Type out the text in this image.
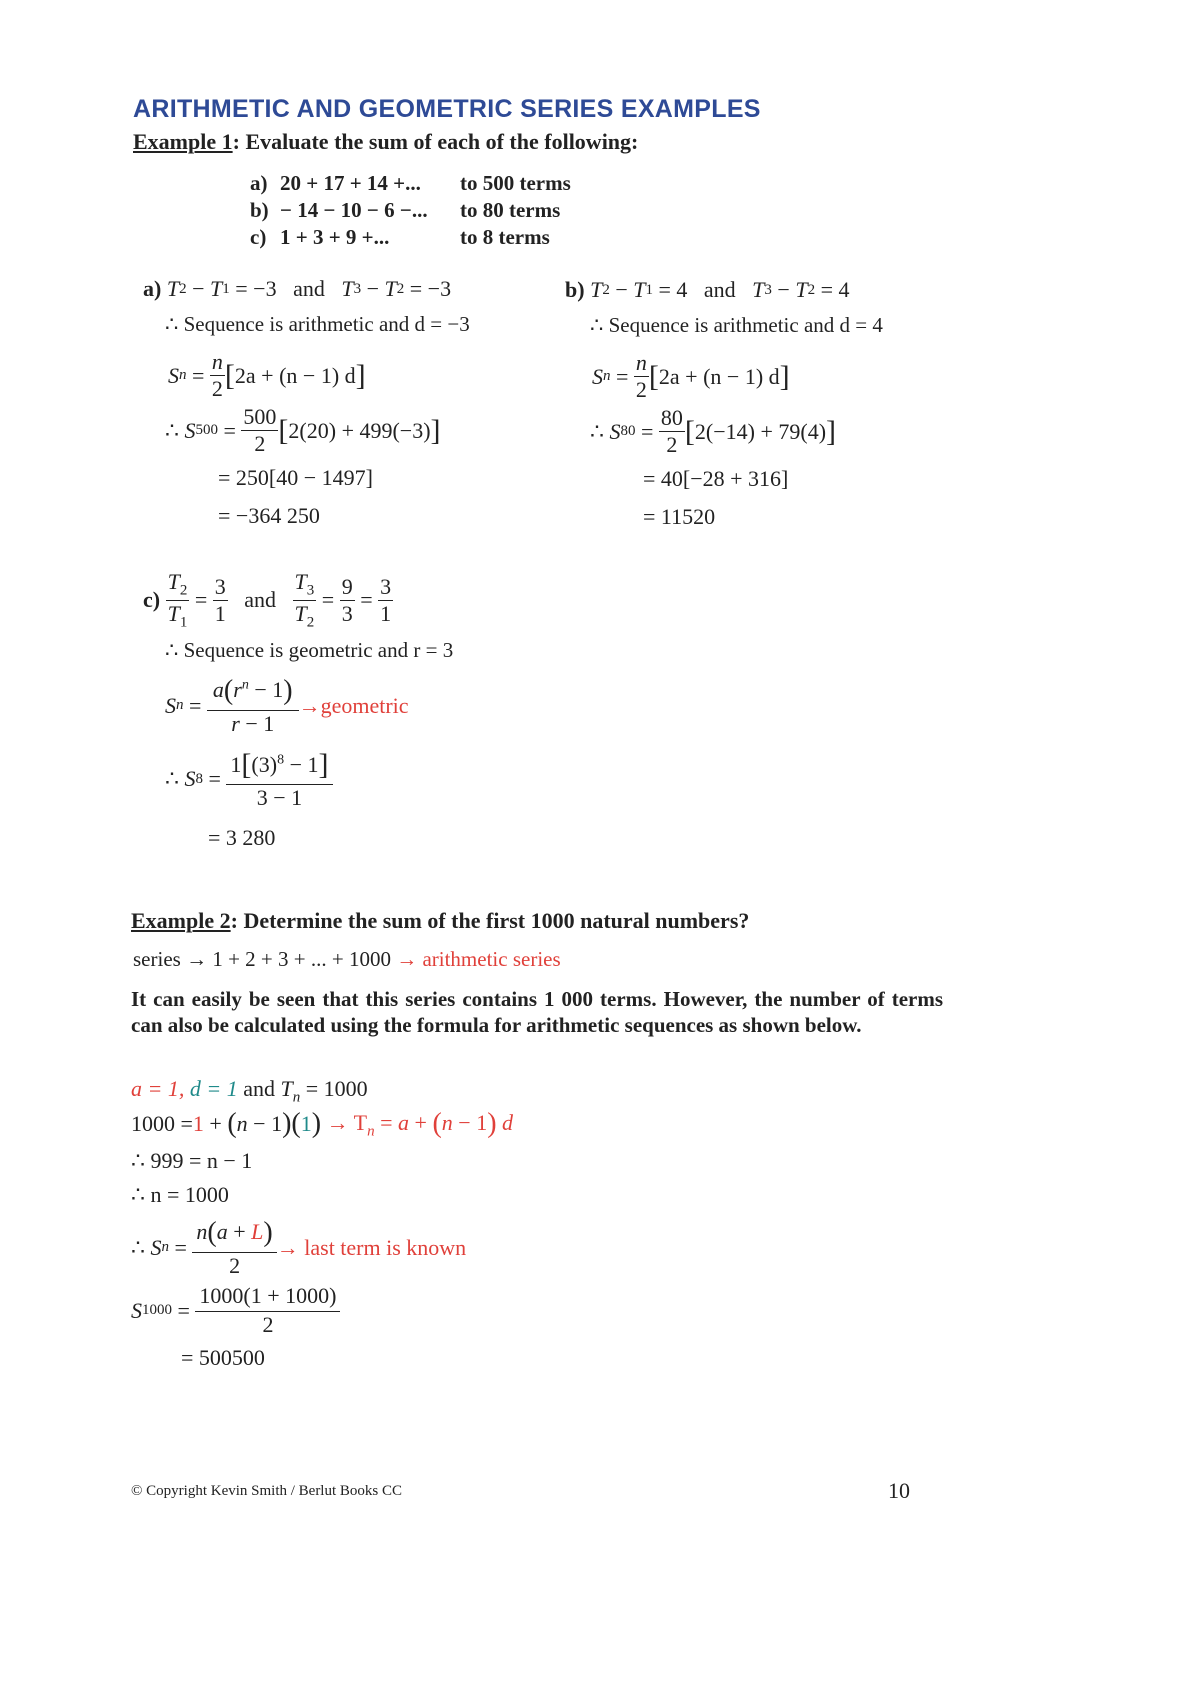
ARITHMETIC AND GEOMETRIC SERIES EXAMPLES
Example 1: Evaluate the sum of each of the following:
a) 20 + 17 + 14 +...	to 500 terms
b) − 14 − 10 − 6 −...	to 80 terms
c) 1 + 3 + 9 +...	to 8 terms
a)
T 2 − T 1
= −3
and
T 3 − T 2
= −3
∴ Sequence is arithmetic and d = −3
S $n = \frac{n}{2}$ [ 2a + (n − 1) d ]
∴ S $500 = \frac{500}{2}$ [ 2(20) + 499(−3) ]
= 250[40 − 1497]
= −364 250
b)
T 2 − T 1
= 4
and
T 3 − T 2
= 4
∴ Sequence is arithmetic and d = 4
S $n = \frac{n}{2}$ [ 2a + (n − 1) d ]
∴ S $80 = \frac{80}{2}$ [ 2(−14) + 79(4) ]
= 40[−28 + 316]
= 11520
c)
$\frac{T_2}{T_1} = \frac{3}{1}$
and
$\frac{T_3}{T_2} = \frac{9}{3} = \frac{3}{1}$
∴ Sequence is geometric and r = 3
S $n = \frac{a(r^n - 1)}{r - 1}$ →geometric
∴ S $8 = \frac{1[(3)^8 - 1]}{3 - 1}$
= 3 280
Example 2: Determine the sum of the first 1000 natural numbers?
series → 1 + 2 + 3 + ... + 1000 → arithmetic series
It can easily be seen that this series contains 1 000 terms. However, the number of terms can also be calculated using the formula for arithmetic sequences as shown below.
a = 1, d = 1 and $T_n = 1000$
1000 = 1 + ( n − 1 ) ( 1 )
→ $T_n = a + (n - 1)$ d
∴ 999 = n − 1
∴ n = 1000
∴ S $n = \frac{n(a + L)}{2}$ → last term is known
S $1000 = \frac{1000(1 + 1000)}{2}$
= 500500
© Copyright Kevin Smith / Berlut Books CC	10
